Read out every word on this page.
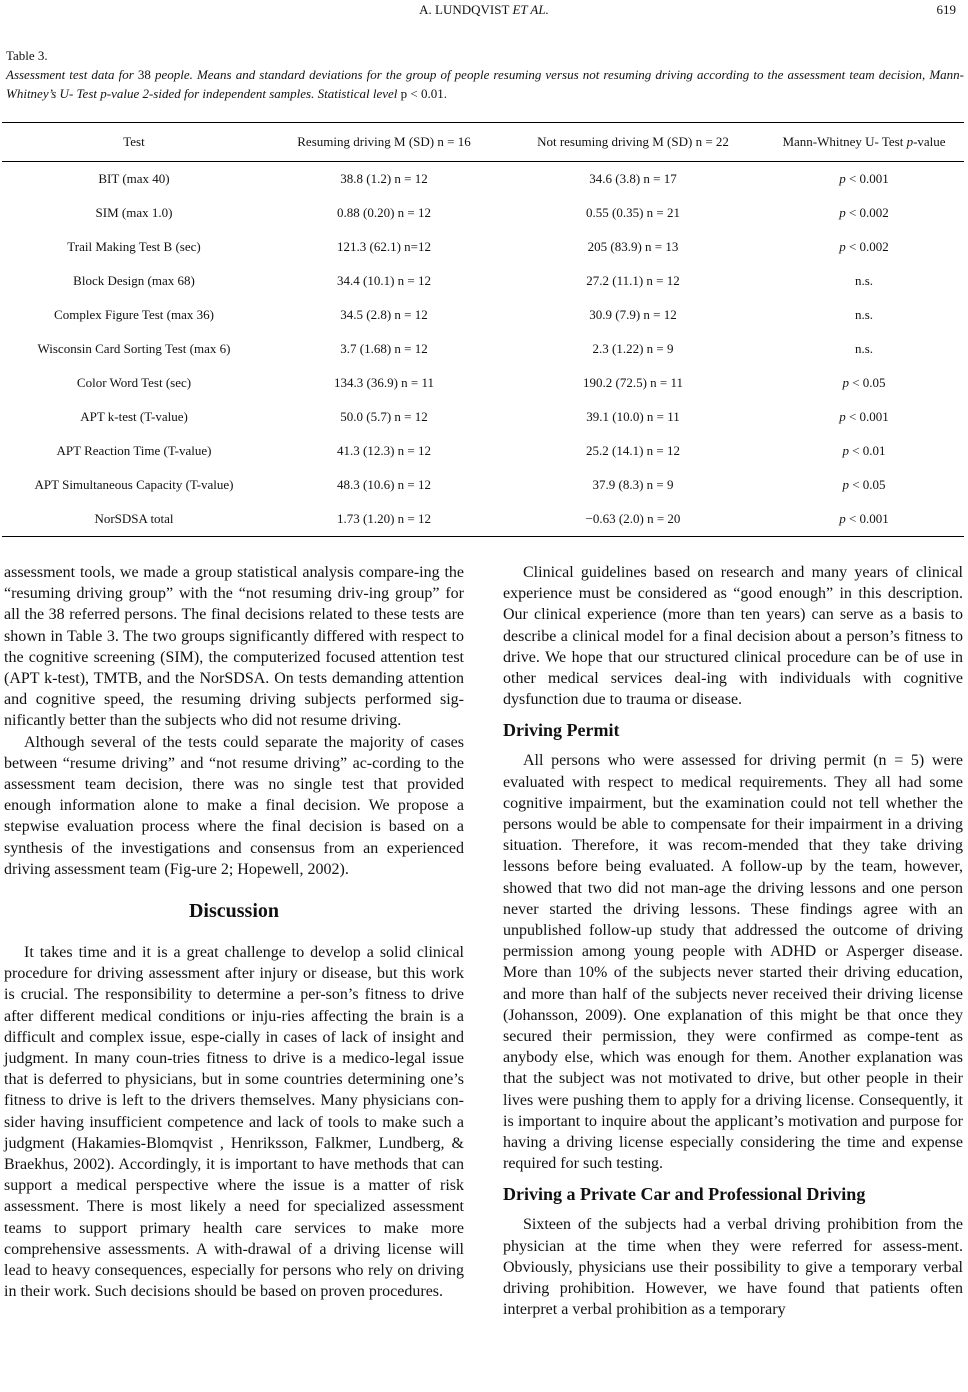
A. LUNDQVIST ET AL.	619
Table 3.
Assessment test data for 38 people. Means and standard deviations for the group of people resuming versus not resuming driving according to the assessment team decision, Mann-Whitney’s U- Test p-value 2-sided for independent samples. Statistical level p < 0.01.
Test	Resuming driving M (SD) n = 16	Not resuming driving M (SD) n = 22	Mann-Whitney U- Test p-value
BIT (max 40)	38.8 (1.2) n = 12	34.6 (3.8) n = 17	p < 0.001
SIM (max 1.0)	0.88 (0.20) n = 12	0.55 (0.35) n = 21	p < 0.002
Trail Making Test B (sec)	121.3 (62.1) n=12	205 (83.9) n = 13	p < 0.002
Block Design (max 68)	34.4 (10.1) n = 12	27.2 (11.1) n = 12	n.s.
Complex Figure Test (max 36)	34.5 (2.8) n = 12	30.9 (7.9) n = 12	n.s.
Wisconsin Card Sorting Test (max 6)	3.7 (1.68) n = 12	2.3 (1.22) n = 9	n.s.
Color Word Test (sec)	134.3 (36.9) n = 11	190.2 (72.5) n = 11	p < 0.05
APT k-test (T-value)	50.0 (5.7) n = 12	39.1 (10.0) n = 11	p < 0.001
APT Reaction Time (T-value)	41.3 (12.3) n = 12	25.2 (14.1) n = 12	p < 0.01
APT Simultaneous Capacity (T-value)	48.3 (10.6) n = 12	37.9 (8.3) n = 9	p < 0.05
NorSDSA total	1.73 (1.20) n = 12	−0.63 (2.0) n = 20	p < 0.001

assessment tools, we made a group statistical analysis compare-ing the “resuming driving group” with the “not resuming driv-ing group” for all the 38 referred persons. The final decisions related to these tests are shown in Table 3. The two groups significantly differed with respect to the cognitive screening (SIM), the computerized focused attention test (APT k-test), TMTB, and the NorSDSA. On tests demanding attention and cognitive speed, the resuming driving subjects performed sig-nificantly better than the subjects who did not resume driving.

Although several of the tests could separate the majority of cases between “resume driving” and “not resume driving” ac-cording to the assessment team decision, there was no single test that provided enough information alone to make a final decision. We propose a stepwise evaluation process where the final decision is based on a synthesis of the investigations and consensus from an experienced driving assessment team (Fig-ure 2; Hopewell, 2002).

Discussion

It takes time and it is a great challenge to develop a solid clinical procedure for driving assessment after injury or disease, but this work is crucial. The responsibility to determine a per-son’s fitness to drive after different medical conditions or inju-ries affecting the brain is a difficult and complex issue, espe-cially in cases of lack of insight and judgment. In many coun-tries fitness to drive is a medico-legal issue that is deferred to physicians, but in some countries determining one’s fitness to drive is left to the drivers themselves. Many physicians con-sider having insufficient competence and lack of tools to make such a judgment (Hakamies-Blomqvist , Henriksson, Falkmer, Lundberg, & Braekhus, 2002). Accordingly, it is important to have methods that can support a medical perspective where the issue is a matter of risk assessment. There is most likely a need for specialized assessment teams to support primary health care services to make more comprehensive assessments. A with-drawal of a driving license will lead to heavy consequences, especially for persons who rely on driving in their work. Such decisions should be based on proven procedures.

Clinical guidelines based on research and many years of clinical experience must be considered as “good enough” in this description. Our clinical experience (more than ten years) can serve as a basis to describe a clinical model for a final decision about a person’s fitness to drive. We hope that our structured clinical procedure can be of use in other medical services deal-ing with individuals with cognitive dysfunction due to trauma or disease.

Driving Permit

All persons who were assessed for driving permit (n = 5) were evaluated with respect to medical requirements. They all had some cognitive impairment, but the examination could not tell whether the persons would be able to compensate for their impairment in a driving situation. Therefore, it was recom-mended that they take driving lessons before being evaluated. A follow-up by the team, however, showed that two did not man-age the driving lessons and one person never started the driving lessons. These findings agree with an unpublished follow-up study that addressed the outcome of driving permission among young people with ADHD or Asperger disease. More than 10% of the subjects never started their driving education, and more than half of the subjects never received their driving license (Johansson, 2009). One explanation of this might be that once they secured their permission, they were confirmed as compe-tent as anybody else, which was enough for them. Another explanation was that the subject was not motivated to drive, but other people in their lives were pushing them to apply for a driving license. Consequently, it is important to inquire about the applicant’s motivation and purpose for having a driving license especially considering the time and expense required for such testing.

Driving a Private Car and Professional Driving

Sixteen of the subjects had a verbal driving prohibition from the physician at the time when they were referred for assess-ment. Obviously, physicians use their possibility to give a temporary verbal driving prohibition. However, we have found that patients often interpret a verbal prohibition as a temporary
